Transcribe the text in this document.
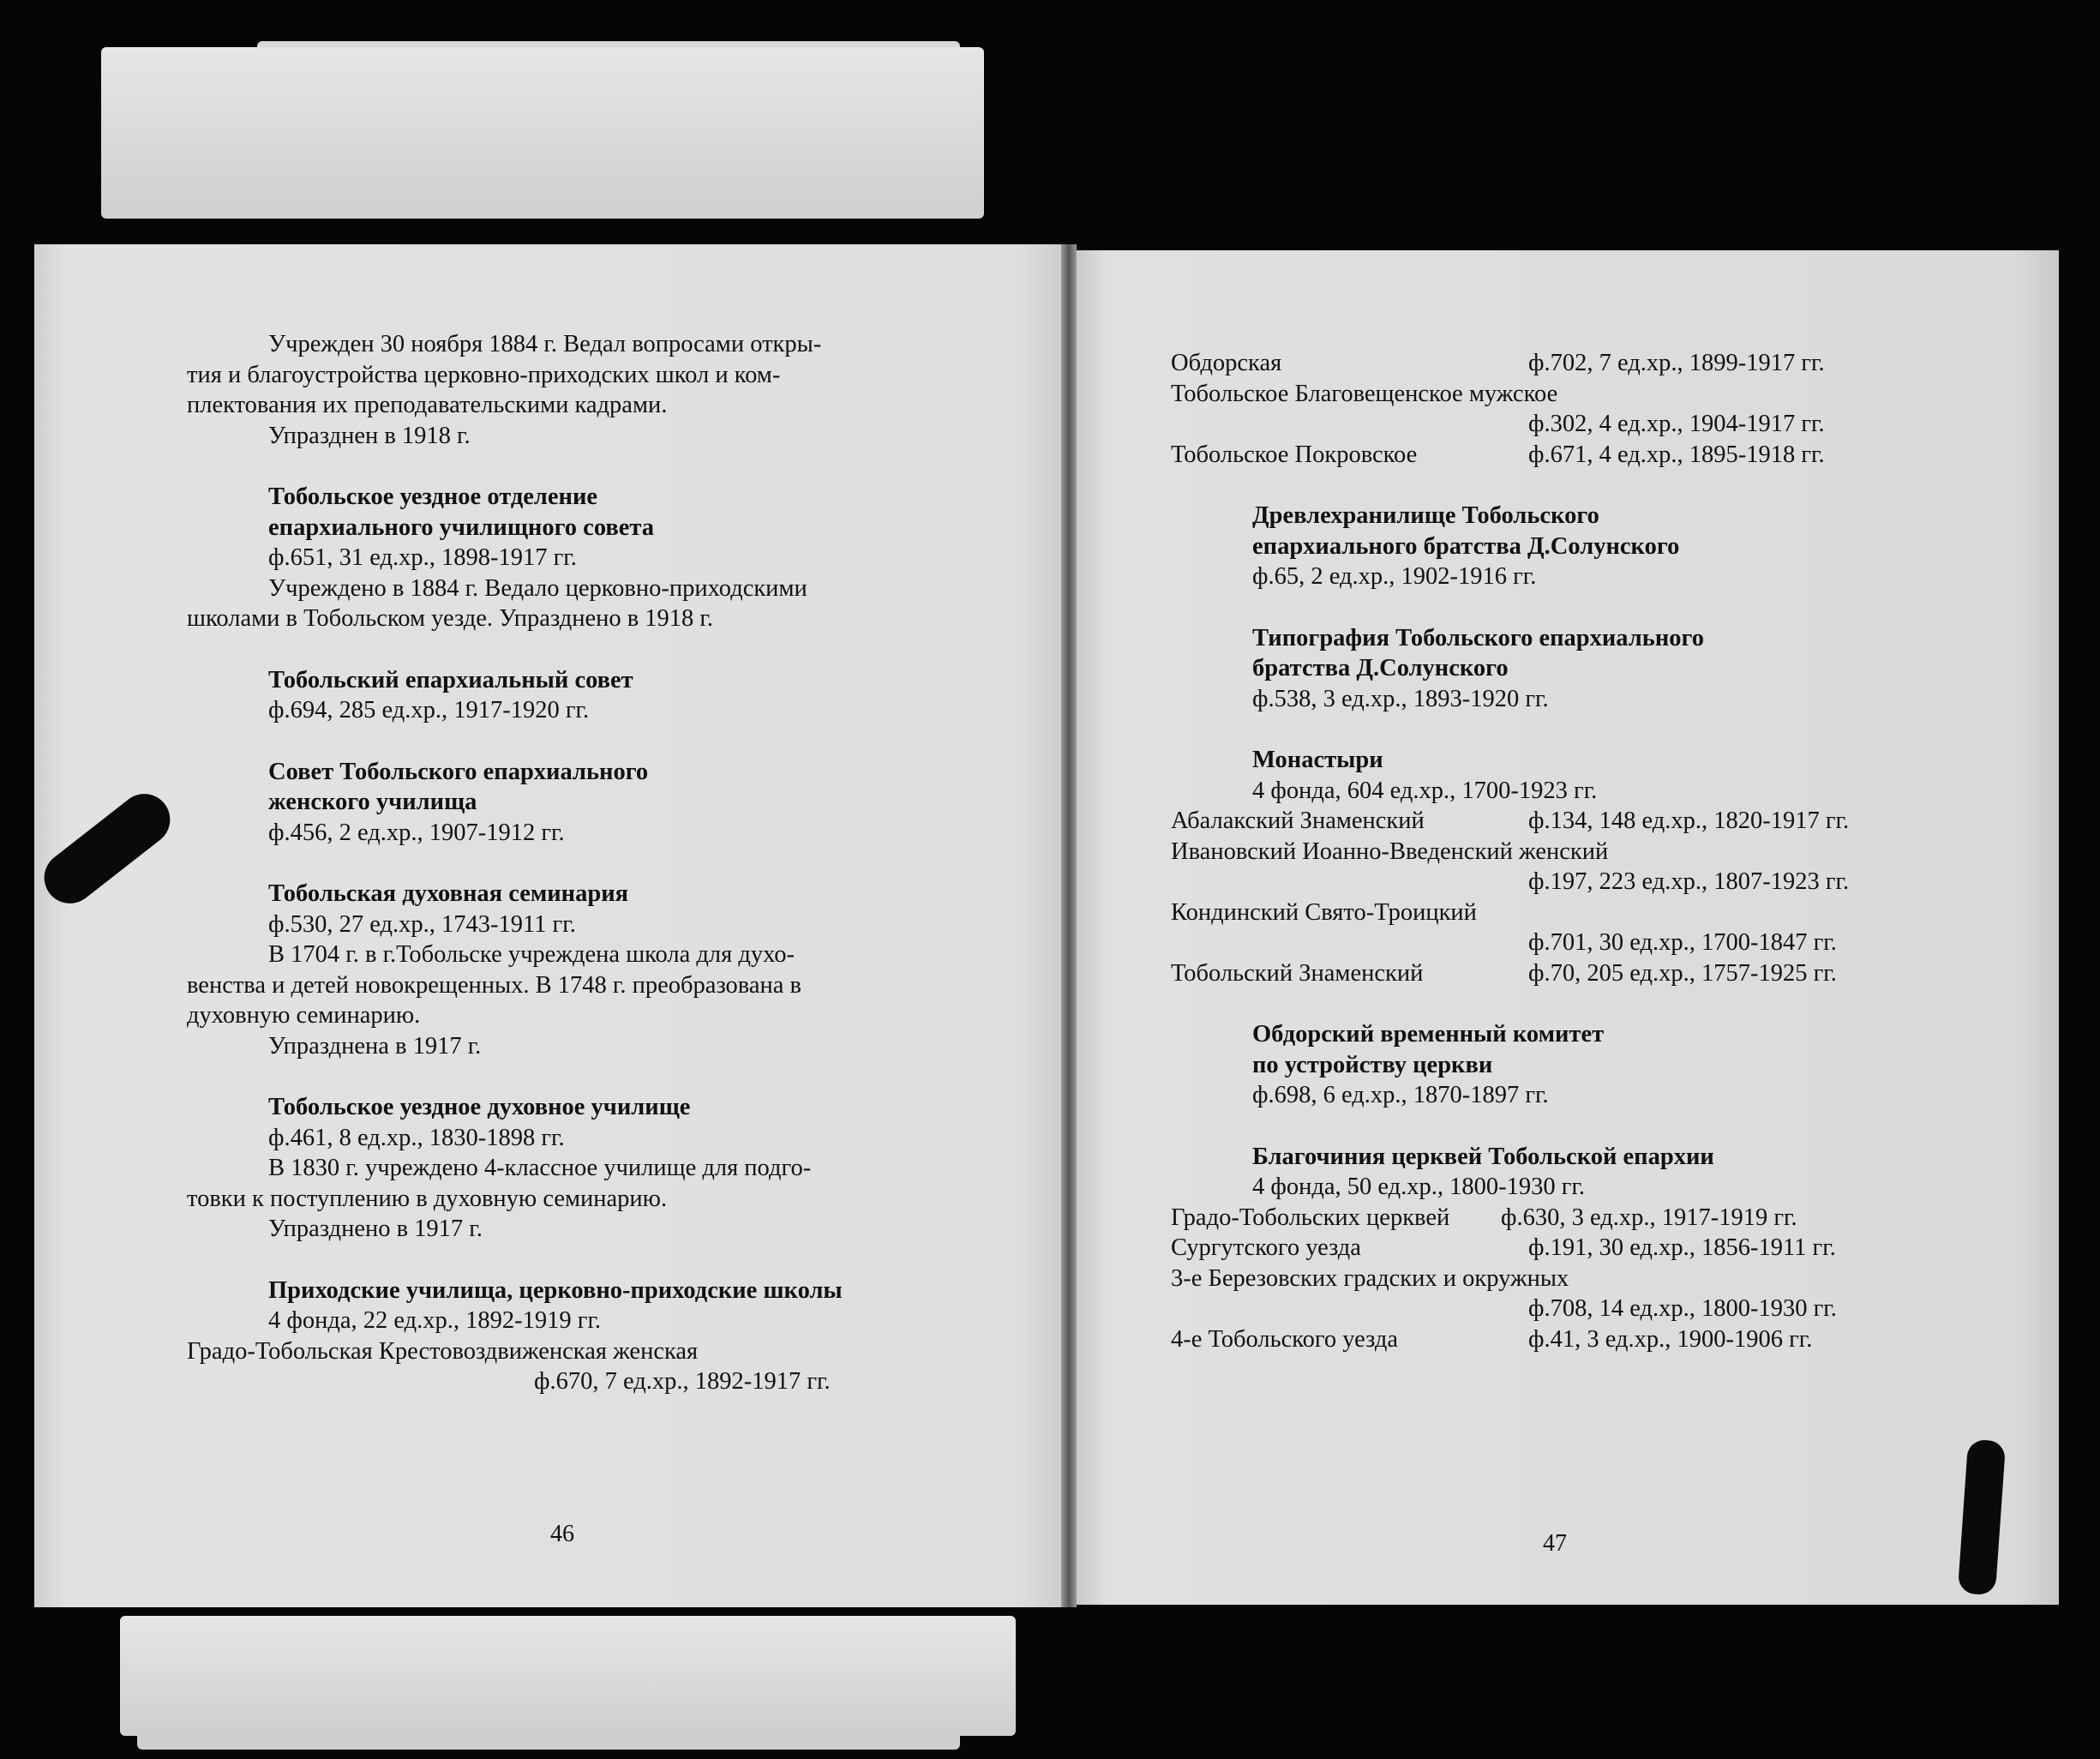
Учрежден 30 ноября 1884 г. Ведал вопросами откры-
тия и благоустройства церковно-приходских школ и ком-
плектования их преподавательскими кадрами.
Упразднен в 1918 г.
Тобольское уездное отделение
епархиального училищного совета
ф.651, 31 ед.хр., 1898-1917 гг.
Учреждено в 1884 г. Ведало церковно-приходскими
школами в Тобольском уезде. Упразднено в 1918 г.
Тобольский епархиальный совет
ф.694, 285 ед.хр., 1917-1920 гг.
Совет Тобольского епархиального
женского училища
ф.456, 2 ед.хр., 1907-1912 гг.
Тобольская духовная семинария
ф.530, 27 ед.хр., 1743-1911 гг.
В 1704 г. в г.Тобольске учреждена школа для духо-
венства и детей новокрещенных. В 1748 г. преобразована в
духовную семинарию.
Упразднена в 1917 г.
Тобольское уездное духовное училище
ф.461, 8 ед.хр., 1830-1898 гг.
В 1830 г. учреждено 4-классное училище для подго-
товки к поступлению в духовную семинарию.
Упразднено в 1917 г.
Приходские училища, церковно-приходские школы
4 фонда, 22 ед.хр., 1892-1919 гг.
Градо-Тобольская Крестовоздвиженская женская
ф.670, 7 ед.хр., 1892-1917 гг.
46
Обдорская	ф.702, 7 ед.хр., 1899-1917 гг.
Тобольское Благовещенское мужское
ф.302, 4 ед.хр., 1904-1917 гг.
Тобольское Покровское	ф.671, 4 ед.хр., 1895-1918 гг.
Древлехранилище Тобольского
епархиального братства Д.Солунского
ф.65, 2 ед.хр., 1902-1916 гг.
Типография Тобольского епархиального
братства Д.Солунского
ф.538, 3 ед.хр., 1893-1920 гг.
Монастыри
4 фонда, 604 ед.хр., 1700-1923 гг.
Абалакский Знаменский	ф.134, 148 ед.хр., 1820-1917 гг.
Ивановский Иоанно-Введенский женский
ф.197, 223 ед.хр., 1807-1923 гг.
Кондинский Свято-Троицкий
ф.701, 30 ед.хр., 1700-1847 гг.
Тобольский Знаменский	ф.70, 205 ед.хр., 1757-1925 гг.
Обдорский временный комитет
по устройству церкви
ф.698, 6 ед.хр., 1870-1897 гг.
Благочиния церквей Тобольской епархии
4 фонда, 50 ед.хр., 1800-1930 гг.
Градо-Тобольских церквей	ф.630, 3 ед.хр., 1917-1919 гг.
Сургутского уезда	ф.191, 30 ед.хр., 1856-1911 гг.
3-е Березовских градских и окружных
ф.708, 14 ед.хр., 1800-1930 гг.
4-е Тобольского уезда	ф.41, 3 ед.хр., 1900-1906 гг.
47
